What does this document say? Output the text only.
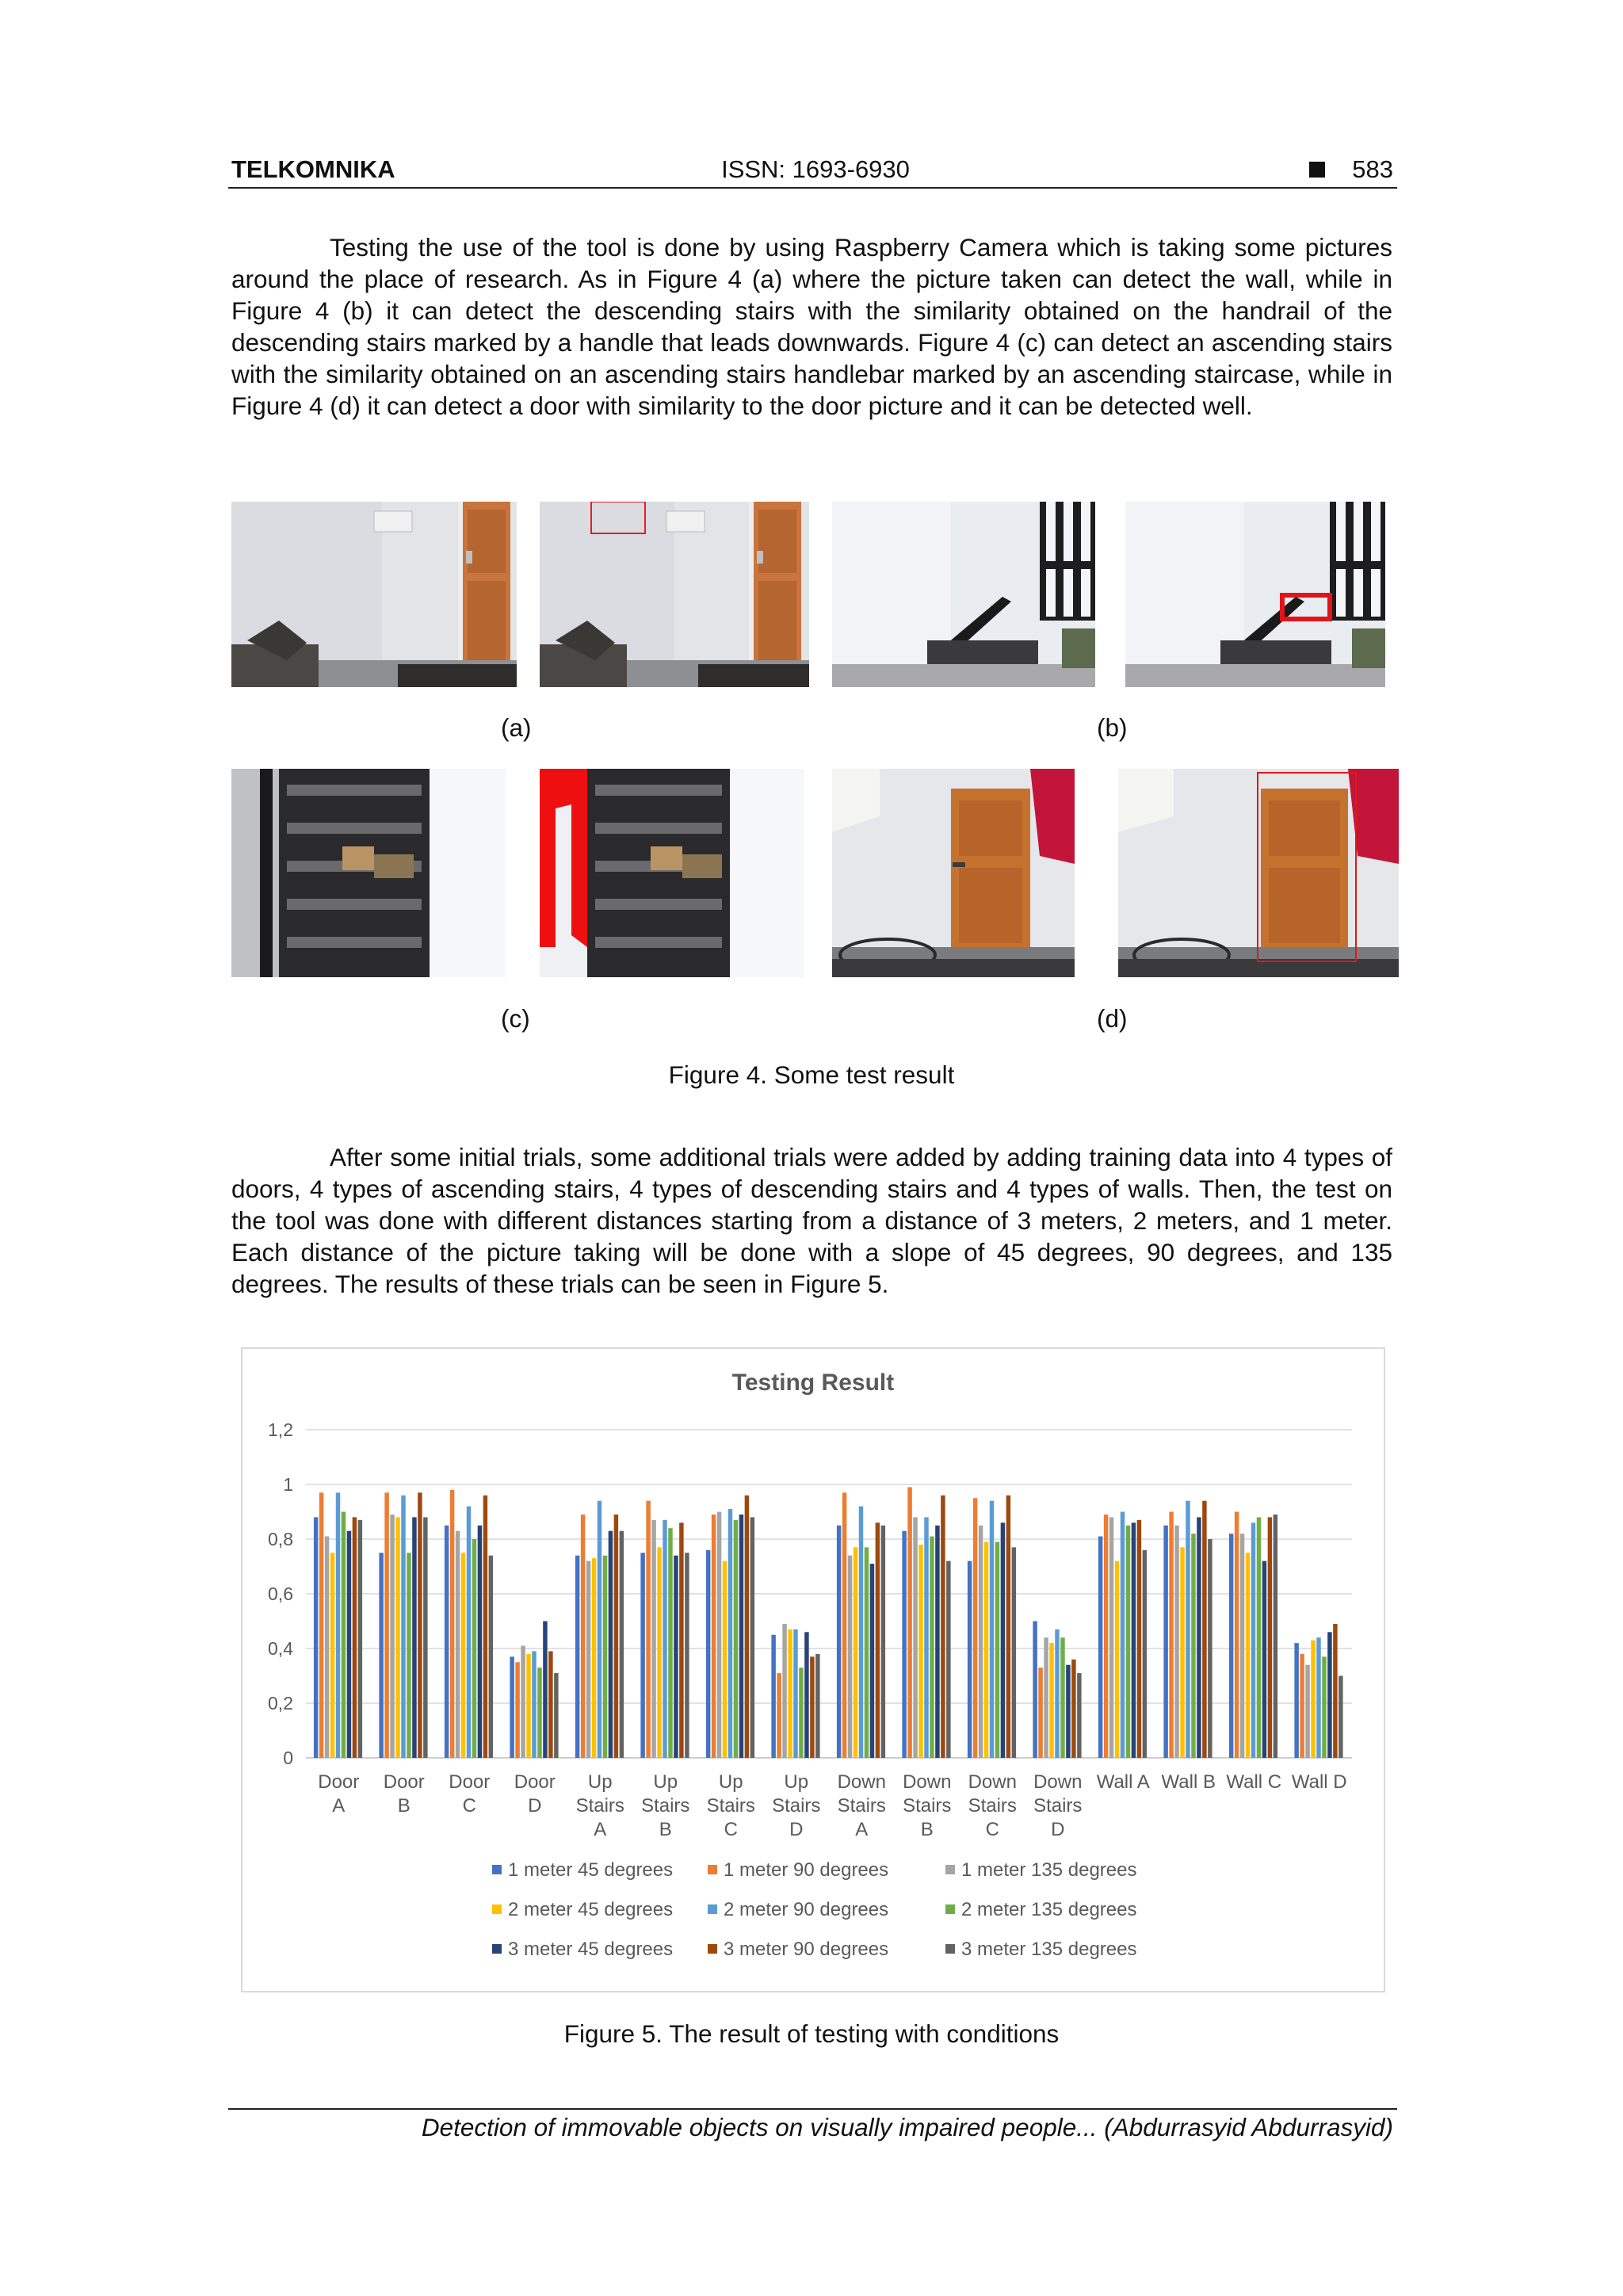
TELKOMNIKA	ISSN: 1693-6930	583
Testing the use of the tool is done by using Raspberry Camera which is taking some pictures around the place of research. As in Figure 4 (a) where the picture taken can detect the wall, while in Figure 4 (b) it can detect the descending stairs with the similarity obtained on the handrail of the descending stairs marked by a handle that leads downwards. Figure 4 (c) can detect an ascending stairs with the similarity obtained on an ascending stairs handlebar marked by an ascending staircase, while in Figure 4 (d) it can detect a door with similarity to the door picture and it can be detected well.
(a)	(b)
(c)	(d)
Figure 4. Some test result
After some initial trials, some additional trials were added by adding training data into 4 types of doors, 4 types of ascending stairs, 4 types of descending stairs and 4 types of walls. Then, the test on the tool was done with different distances starting from a distance of 3 meters, 2 meters, and 1 meter. Each distance of the picture taking will be done with a slope of 45 degrees, 90 degrees, and 135 degrees. The results of these trials can be seen in Figure 5.
Testing Result
0
0,2
0,4
0,6
0,8
1
1,2
Door
A
Door
B
Door
C
Door
D
Up
Stairs
A
Up
Stairs
B
Up
Stairs
C
Up
Stairs
D
Down
Stairs
A
Down
Stairs
B
Down
Stairs
C
Down
Stairs
D
Wall A Wall B Wall C Wall D
1 meter 45 degrees	1 meter 90 degrees	1 meter 135 degrees
2 meter 45 degrees	2 meter 90 degrees	2 meter 135 degrees
3 meter 45 degrees	3 meter 90 degrees	3 meter 135 degrees
Figure 5. The result of testing with conditions
Detection of immovable objects on visually impaired people... (Abdurrasyid Abdurrasyid)
